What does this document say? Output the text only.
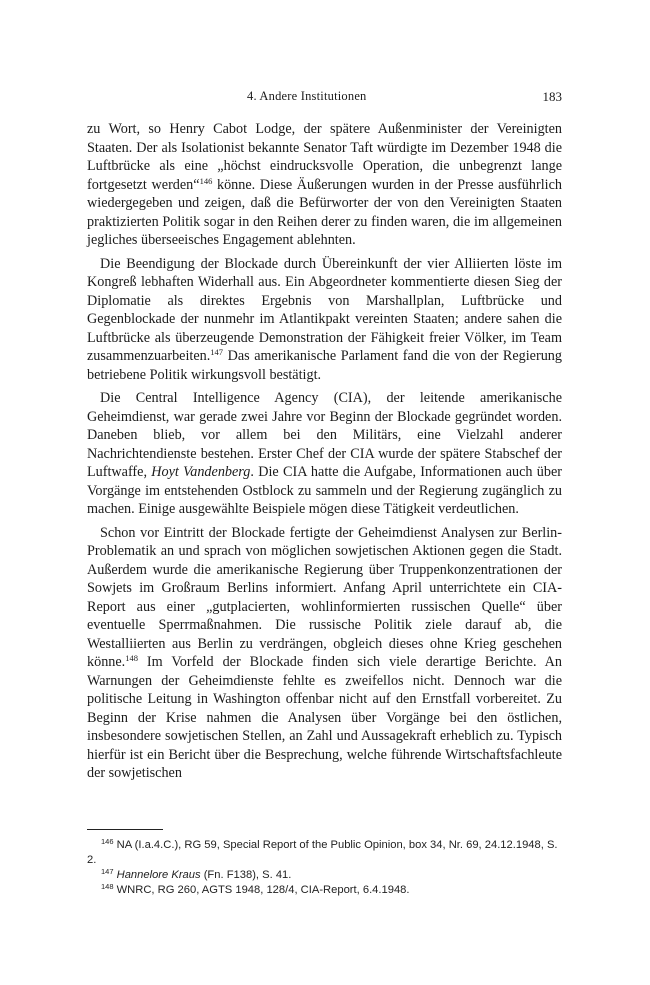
4. Andere Institutionen	183

zu Wort, so Henry Cabot Lodge, der spätere Außenminister der Vereinigten Staaten. Der als Isolationist bekannte Senator Taft würdigte im Dezember 1948 die Luftbrücke als eine „höchst eindrucksvolle Operation, die unbegrenzt lange fortgesetzt werden“$^{146}$ könne. Diese Äußerungen wurden in der Presse ausführlich wiedergegeben und zeigen, daß die Befürworter der von den Vereinigten Staaten praktizierten Politik sogar in den Reihen derer zu finden waren, die im allgemeinen jegliches überseeisches Engagement ablehnten.

Die Beendigung der Blockade durch Übereinkunft der vier Alliierten löste im Kongreß lebhaften Widerhall aus. Ein Abgeordneter kommentierte diesen Sieg der Diplomatie als direktes Ergebnis von Marshallplan, Luftbrücke und Gegenblockade der nunmehr im Atlantikpakt vereinten Staaten; andere sahen die Luftbrücke als überzeugende Demonstration der Fähigkeit freier Völker, im Team zusammenzuarbeiten.$^{147}$ Das amerikanische Parlament fand die von der Regierung betriebene Politik wirkungsvoll bestätigt.

Die Central Intelligence Agency (CIA), der leitende amerikanische Geheimdienst, war gerade zwei Jahre vor Beginn der Blockade gegründet worden. Daneben blieb, vor allem bei den Militärs, eine Vielzahl anderer Nachrichtendienste bestehen. Erster Chef der CIA wurde der spätere Stabschef der Luftwaffe, Hoyt Vandenberg. Die CIA hatte die Aufgabe, Informationen auch über Vorgänge im entstehenden Ostblock zu sammeln und der Regierung zugänglich zu machen. Einige ausgewählte Beispiele mögen diese Tätigkeit verdeutlichen.

Schon vor Eintritt der Blockade fertigte der Geheimdienst Analysen zur Berlin-Problematik an und sprach von möglichen sowjetischen Aktionen gegen die Stadt. Außerdem wurde die amerikanische Regierung über Truppenkonzentrationen der Sowjets im Großraum Berlins informiert. Anfang April unterrichtete ein CIA-Report aus einer „gutplacierten, wohlinformierten russischen Quelle“ über eventuelle Sperrmaßnahmen. Die russische Politik ziele darauf ab, die Westalliierten aus Berlin zu verdrängen, obgleich dieses ohne Krieg geschehen könne.$^{148}$ Im Vorfeld der Blockade finden sich viele derartige Berichte. An Warnungen der Geheimdienste fehlte es zweifellos nicht. Dennoch war die politische Leitung in Washington offenbar nicht auf den Ernstfall vorbereitet. Zu Beginn der Krise nahmen die Analysen über Vorgänge bei den östlichen, insbesondere sowjetischen Stellen, an Zahl und Aussagekraft erheblich zu. Typisch hierfür ist ein Bericht über die Besprechung, welche führende Wirtschaftsfachleute der sowjetischen

$^{146}$ NA (I.a.4.C.), RG 59, Special Report of the Public Opinion, box 34, Nr. 69, 24.12.1948, S. 2.

$^{147}$ Hannelore Kraus (Fn. F138), S. 41.

$^{148}$ WNRC, RG 260, AGTS 1948, 128/4, CIA-Report, 6.4.1948.
